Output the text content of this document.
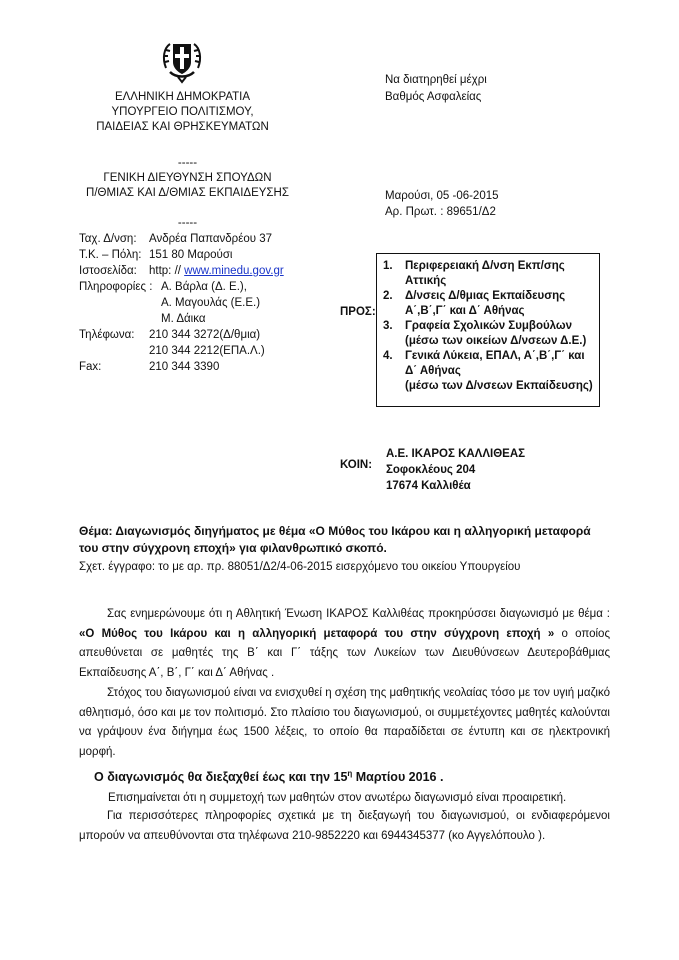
ΕΛΛΗΝΙΚΗ ΔΗΜΟΚΡΑΤΙΑ
ΥΠΟΥΡΓΕΙΟ ΠΟΛΙΤΙΣΜΟΥ,
ΠΑΙΔΕΙΑΣ ΚΑΙ ΘΡΗΣΚΕΥΜΑΤΩΝ
-----
ΓΕΝΙΚΗ ΔΙΕΥΘΥΝΣΗ ΣΠΟΥΔΩΝ
Π/ΘΜΙΑΣ ΚΑΙ Δ/ΘΜΙΑΣ ΕΚΠΑΙΔΕΥΣΗΣ
-----
Ταχ. Δ/νση:	Ανδρέα Παπανδρέου 37
Τ.Κ. – Πόλη: 151 80 Μαρούσι
Ιστοσελίδα:	http: //
www.minedu.gov.gr
Πληροφορίες : Α. Βάρλα (Δ. Ε.),
Α. Μαγουλάς (Ε.Ε.)
Μ. Δάικα
Τηλέφωνα:	210 344 3272(Δ/θμια)
210 344 2212(ΕΠΑ.Λ.)
Fax:	210 344 3390
Να διατηρηθεί μέχρι
Βαθμός Ασφαλείας
Μαρούσι, 05 -06-2015
Αρ. Πρωτ. : 89651/Δ2
ΠΡΟΣ:
1.	Περιφερειακή Δ/νση Εκπ/σης
Αττικής
2.	Δ/νσεις Δ/θμιας Εκπαίδευσης
Α΄,Β΄,Γ΄ και Δ΄ Αθήνας
3.	Γραφεία Σχολικών Συμβούλων
(μέσω των οικείων Δ/νσεων Δ.Ε.)
4.	Γενικά Λύκεια, ΕΠΑΛ, Α΄,Β΄,Γ΄ και
Δ΄ Αθήνας
(μέσω των Δ/νσεων Εκπαίδευσης)
ΚΟΙΝ:
Α.Ε. ΙΚΑΡΟΣ ΚΑΛΛΙΘΕΑΣ
Σοφοκλέους 204
17674 Καλλιθέα
Θέμα: Διαγωνισμός διηγήματος με θέμα «Ο Μύθος του Ικάρου και η αλληγορική μεταφορά
του στην σύγχρονη εποχή» για φιλανθρωπικό σκοπό.
Σχετ. έγγραφο: το με αρ. πρ. 88051/Δ2/4-06-2015 εισερχόμενο του οικείου Υπουργείου
Σας ενημερώνουμε ότι η Αθλητική Ένωση ΙΚΑΡΟΣ Καλλιθέας προκηρύσσει διαγωνισμό με θέμα : «Ο Μύθος του Ικάρου και η αλληγορική μεταφορά του στην σύγχρονη εποχή » ο οποίος απευθύνεται σε μαθητές της Β΄ και Γ΄ τάξης των Λυκείων των Διευθύνσεων Δευτεροβάθμιας Εκπαίδευσης Α΄, Β΄, Γ΄ και Δ΄ Αθήνας .
Στόχος του διαγωνισμού είναι να ενισχυθεί η σχέση της μαθητικής νεολαίας τόσο με τον υγιή μαζικό αθλητισμό, όσο και με τον πολιτισμό. Στο πλαίσιο του διαγωνισμού, οι συμμετέχοντες μαθητές καλούνται να γράψουν ένα διήγημα έως 1500 λέξεις, το οποίο θα παραδίδεται σε έντυπη και σε ηλεκτρονική μορφή.
Ο διαγωνισμός θα διεξαχθεί έως και την $15^\eta$ Μαρτίου 2016 .
Επισημαίνεται ότι η συμμετοχή των μαθητών στον ανωτέρω διαγωνισμό είναι προαιρετική.
Για περισσότερες πληροφορίες σχετικά με τη διεξαγωγή του διαγωνισμού, οι ενδιαφερόμενοι μπορούν να απευθύνονται στα τηλέφωνα 210-9852220 και 6944345377 (κο Αγγελόπουλο ).
